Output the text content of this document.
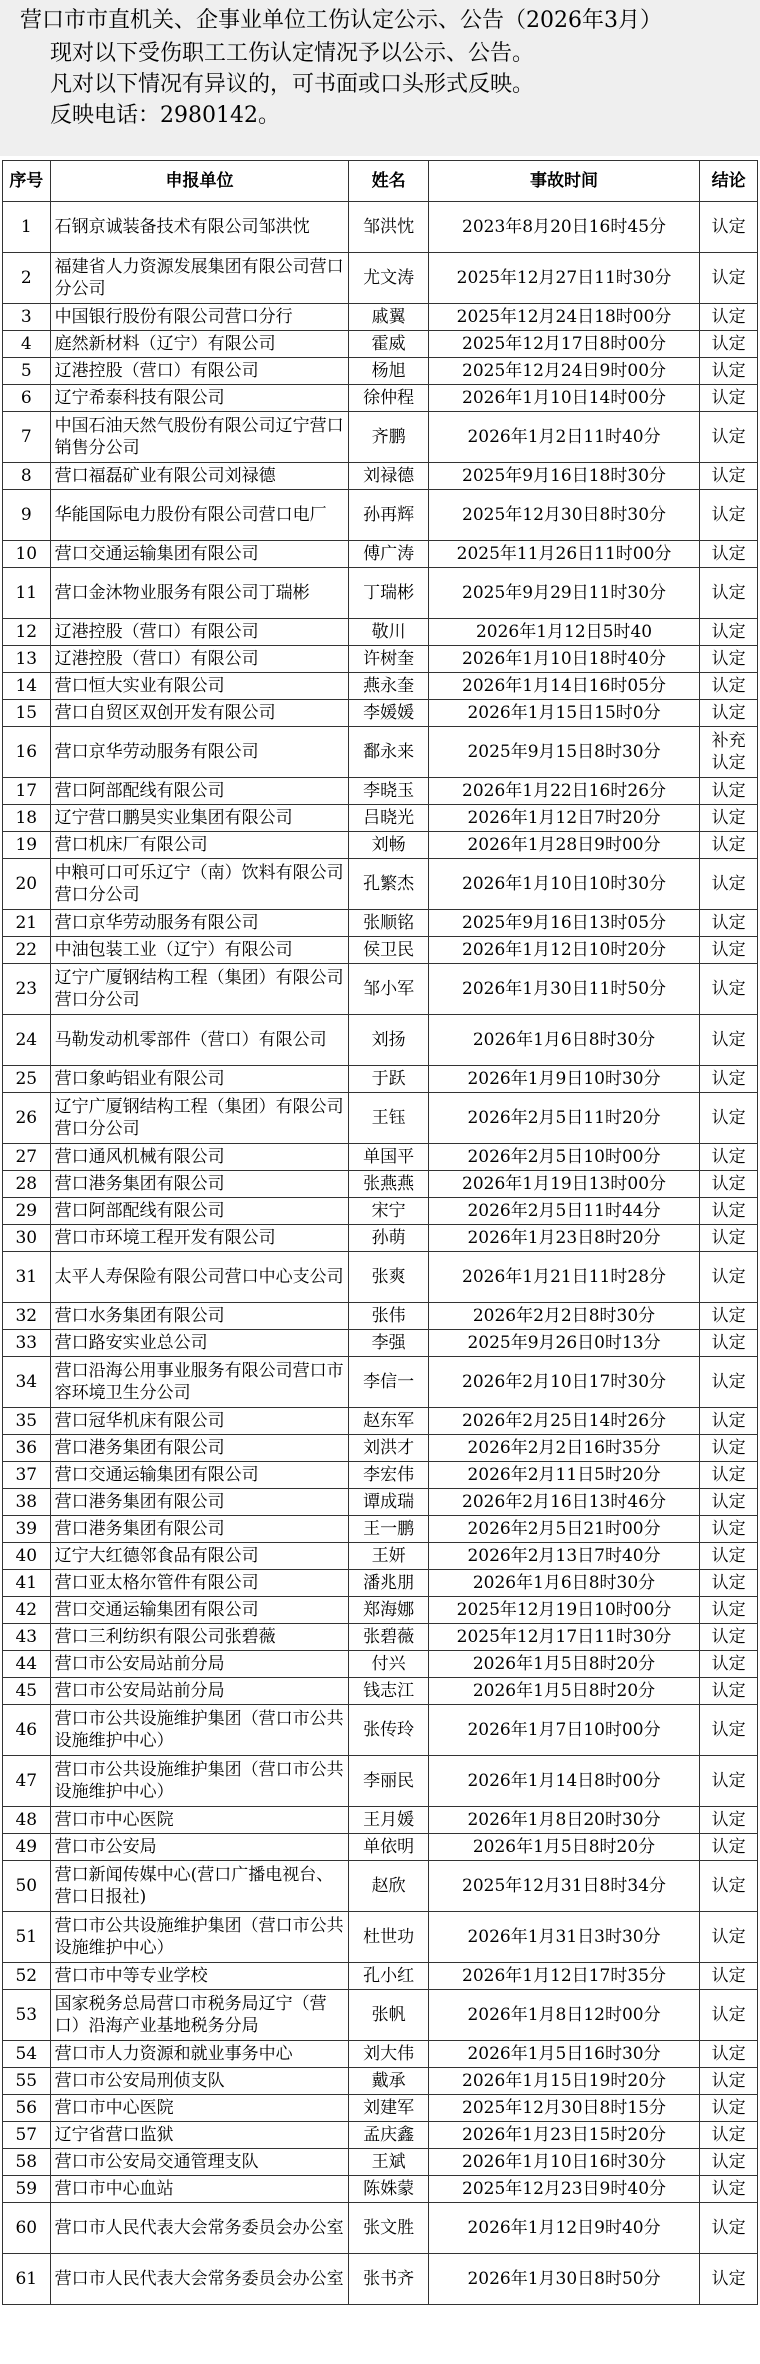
营口市市直机关、企事业单位工伤认定公示、公告（2026年3月）
现对以下受伤职工工伤认定情况予以公示、公告。
凡对以下情况有异议的，可书面或口头形式反映。
反映电话：2980142。
序号	申报单位	姓名	事故时间	结论
1	石钢京诚装备技术有限公司邹洪忱	邹洪忱	2023年8月20日16时45分	认定
2	福建省人力资源发展集团有限公司营口分公司	尤文涛	2025年12月27日11时30分	认定
3	中国银行股份有限公司营口分行	戚翼	2025年12月24日18时00分	认定
4	庭然新材料（辽宁）有限公司	霍威	2025年12月17日8时00分	认定
5	辽港控股（营口）有限公司	杨旭	2025年12月24日9时00分	认定
6	辽宁希泰科技有限公司	徐仲程	2026年1月10日14时00分	认定
7	中国石油天然气股份有限公司辽宁营口销售分公司	齐鹏	2026年1月2日11时40分	认定
8	营口福磊矿业有限公司刘禄德	刘禄德	2025年9月16日18时30分	认定
9	华能国际电力股份有限公司营口电厂	孙再辉	2025年12月30日8时30分	认定
10	营口交通运输集团有限公司	傅广涛	2025年11月26日11时00分	认定
11	营口金沐物业服务有限公司丁瑞彬	丁瑞彬	2025年9月29日11时30分	认定
12	辽港控股（营口）有限公司	敬川	2026年1月12日5时40	认定
13	辽港控股（营口）有限公司	许树奎	2026年1月10日18时40分	认定
14	营口恒大实业有限公司	燕永奎	2026年1月14日16时05分	认定
15	营口自贸区双创开发有限公司	李媛媛	2026年1月15日15时0分	认定
16	营口京华劳动服务有限公司	鄱永来	2025年9月15日8时30分	补充认定
17	营口阿部配线有限公司	李晓玉	2026年1月22日16时26分	认定
18	辽宁营口鹏昊实业集团有限公司	吕晓光	2026年1月12日7时20分	认定
19	营口机床厂有限公司	刘畅	2026年1月28日9时00分	认定
20	中粮可口可乐辽宁（南）饮料有限公司营口分公司	孔繁杰	2026年1月10日10时30分	认定
21	营口京华劳动服务有限公司	张顺铭	2025年9月16日13时05分	认定
22	中油包装工业（辽宁）有限公司	侯卫民	2026年1月12日10时20分	认定
23	辽宁广厦钢结构工程（集团）有限公司营口分公司	邹小军	2026年1月30日11时50分	认定
24	马勒发动机零部件（营口）有限公司	刘扬	2026年1月6日8时30分	认定
25	营口象屿铝业有限公司	于跃	2026年1月9日10时30分	认定
26	辽宁广厦钢结构工程（集团）有限公司营口分公司	王钰	2026年2月5日11时20分	认定
27	营口通风机械有限公司	单国平	2026年2月5日10时00分	认定
28	营口港务集团有限公司	张燕燕	2026年1月19日13时00分	认定
29	营口阿部配线有限公司	宋宁	2026年2月5日11时44分	认定
30	营口市环境工程开发有限公司	孙萌	2026年1月23日8时20分	认定
31	太平人寿保险有限公司营口中心支公司	张爽	2026年1月21日11时28分	认定
32	营口水务集团有限公司	张伟	2026年2月2日8时30分	认定
33	营口路安实业总公司	李强	2025年9月26日0时13分	认定
34	营口沿海公用事业服务有限公司营口市容环境卫生分公司	李信一	2026年2月10日17时30分	认定
35	营口冠华机床有限公司	赵东军	2026年2月25日14时26分	认定
36	营口港务集团有限公司	刘洪才	2026年2月2日16时35分	认定
37	营口交通运输集团有限公司	李宏伟	2026年2月11日5时20分	认定
38	营口港务集团有限公司	谭成瑞	2026年2月16日13时46分	认定
39	营口港务集团有限公司	王一鹏	2026年2月5日21时00分	认定
40	辽宁大红德邻食品有限公司	王妍	2026年2月13日7时40分	认定
41	营口亚太格尔管件有限公司	潘兆朋	2026年1月6日8时30分	认定
42	营口交通运输集团有限公司	郑海娜	2025年12月19日10时00分	认定
43	营口三利纺织有限公司张碧薇	张碧薇	2025年12月17日11时30分	认定
44	营口市公安局站前分局	付兴	2026年1月5日8时20分	认定
45	营口市公安局站前分局	钱志江	2026年1月5日8时20分	认定
46	营口市公共设施维护集团（营口市公共设施维护中心）	张传玲	2026年1月7日10时00分	认定
47	营口市公共设施维护集团（营口市公共设施维护中心）	李丽民	2026年1月14日8时00分	认定
48	营口市中心医院	王月媛	2026年1月8日20时30分	认定
49	营口市公安局	单依明	2026年1月5日8时20分	认定
50	营口新闻传媒中心(营口广播电视台、营口日报社)	赵欣	2025年12月31日8时34分	认定
51	营口市公共设施维护集团（营口市公共设施维护中心）	杜世功	2026年1月31日3时30分	认定
52	营口市中等专业学校	孔小红	2026年1月12日17时35分	认定
53	国家税务总局营口市税务局辽宁（营口）沿海产业基地税务分局	张帆	2026年1月8日12时00分	认定
54	营口市人力资源和就业事务中心	刘大伟	2026年1月5日16时30分	认定
55	营口市公安局刑侦支队	戴承	2026年1月15日19时20分	认定
56	营口市中心医院	刘建军	2025年12月30日8时15分	认定
57	辽宁省营口监狱	孟庆鑫	2026年1月23日15时20分	认定
58	营口市公安局交通管理支队	王斌	2026年1月10日16时30分	认定
59	营口市中心血站	陈姝蒙	2025年12月23日9时40分	认定
60	营口市人民代表大会常务委员会办公室	张文胜	2026年1月12日9时40分	认定
61	营口市人民代表大会常务委员会办公室	张书齐	2026年1月30日8时50分	认定
